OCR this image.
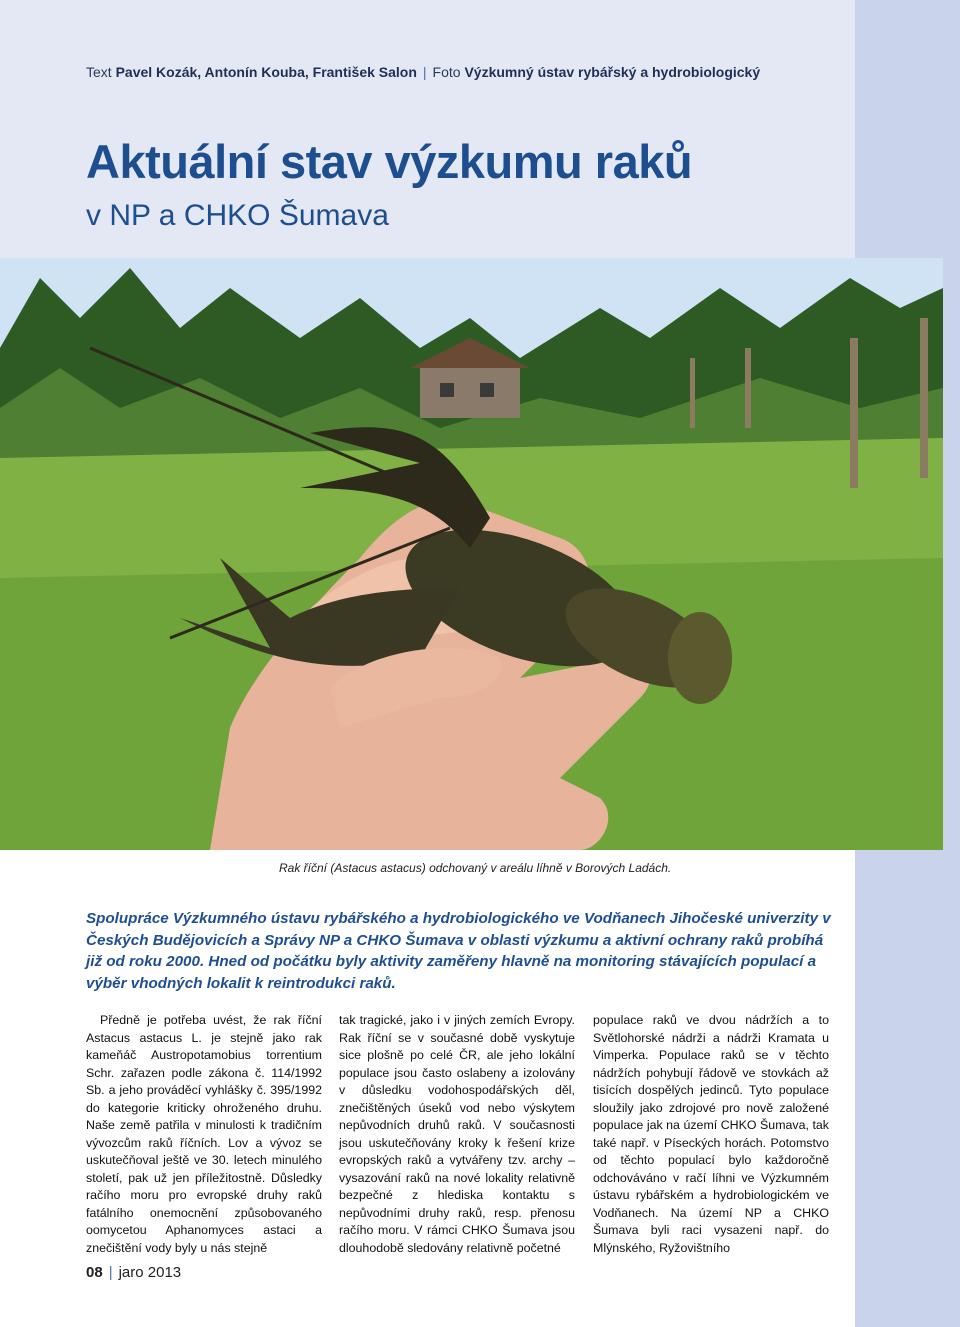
Text Pavel Kozák, Antonín Kouba, František Salon | Foto Výzkumný ústav rybářský a hydrobiologický
Aktuální stav výzkumu raků
v NP a CHKO Šumava
Rak říční (Astacus astacus) odchovaný v areálu líhně v Borových Ladách.
Spolupráce Výzkumného ústavu rybářského a hydrobiologického ve Vodňanech Jihočeské univerzity v Českých Budějovicích a Správy NP a CHKO Šumava v oblasti výzkumu a aktivní ochrany raků probíhá již od roku 2000. Hned od počátku byly aktivity zaměřeny hlavně na monitoring stávajících populací a výběr vhodných lokalit k reintrodukci raků.

Předně je potřeba uvést, že rak říční Astacus astacus L. je stejně jako rak kameňáč Austropotamobius torrentium Schr. zařazen podle zákona č. 114/1992 Sb. a jeho prováděcí vyhlášky č. 395/1992 do kategorie kriticky ohroženého druhu. Naše země patřila v minulosti k tradičním vývozcům raků říčních. Lov a vývoz se uskutečňoval ještě ve 30. letech minulého století, pak už jen příležitostně. Důsledky račího moru pro evropské druhy raků fatálního onemocnění způsobovaného oomycetou Aphanomyces astaci a znečištění vody byly u nás stejně

tak tragické, jako i v jiných zemích Evropy. Rak říční se v současné době vyskytuje sice plošně po celé ČR, ale jeho lokální populace jsou často oslabeny a izolovány v důsledku vodohospodářských děl, znečištěných úseků vod nebo výskytem nepůvodních druhů raků. V současnosti jsou uskutečňovány kroky k řešení krize evropských raků a vytvářeny tzv. archy – vysazování raků na nové lokality relativně bezpečné z hlediska kontaktu s nepůvodními druhy raků, resp. přenosu račího moru. V rámci CHKO Šumava jsou dlouhodobě sledovány relativně početné

populace raků ve dvou nádržích a to Světlohorské nádrži a nádrži Kramata u Vimperka. Populace raků se v těchto nádržích pohybují řádově ve stovkách až tisících dospělých jedinců. Tyto populace sloužily jako zdrojové pro nově založené populace jak na území CHKO Šumava, tak také např. v Píseckých horách. Potomstvo od těchto populací bylo každoročně odchováváno v račí líhni ve Výzkumném ústavu rybářském a hydrobiologickém ve Vodňanech. Na území NP a CHKO Šumava byli raci vysazeni např. do Mlýnského, Ryžovištního

08 | jaro 2013
